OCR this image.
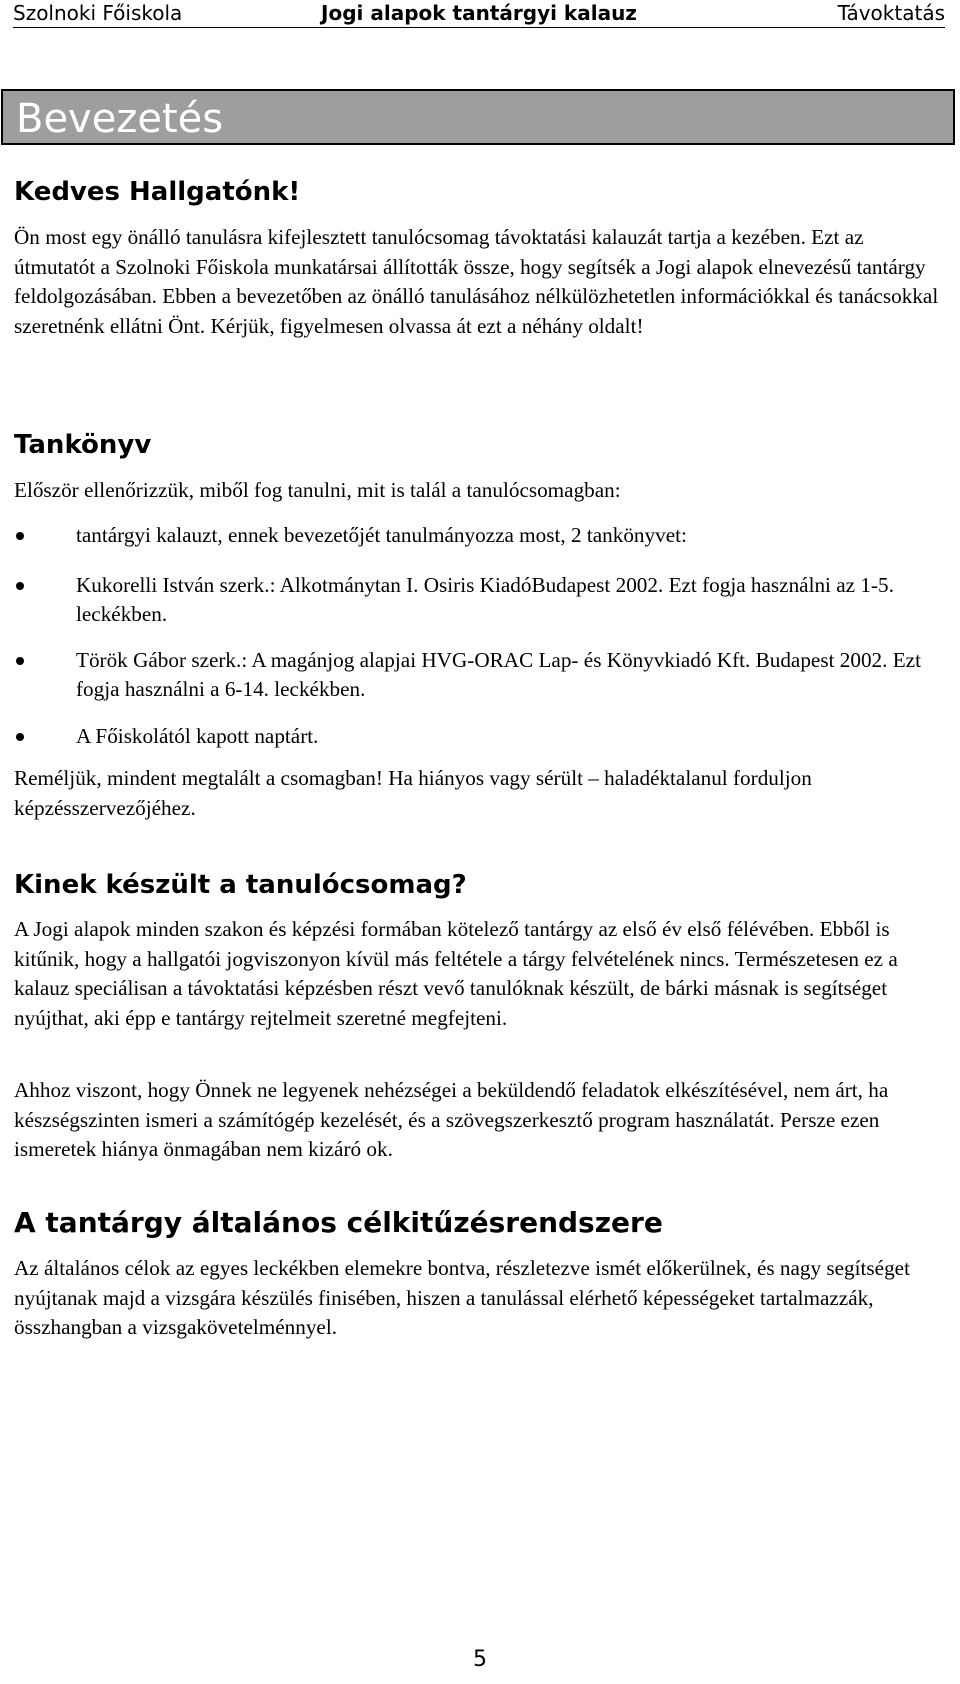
Szolnoki Főiskola	Jogi alapok tantárgyi kalauz	Távoktatás
Bevezetés
Kedves Hallgatónk!

Ön most egy önálló tanulásra kifejlesztett tanulócsomag távoktatási kalauzát tartja a kezében. Ezt az útmutatót a Szolnoki Főiskola munkatársai állították össze, hogy segítsék a Jogi alapok elnevezésű tantárgy feldolgozásában. Ebben a bevezetőben az önálló tanulásához nélkülözhetetlen információkkal és tanácsokkal szeretnénk ellátni Önt. Kérjük, figyelmesen olvassa át ezt a néhány oldalt!

Tankönyv

Először ellenőrizzük, miből fog tanulni, mit is talál a tanulócsomagban:

tantárgyi kalauzt, ennek bevezetőjét tanulmányozza most, 2 tankönyvet:
Kukorelli István szerk.: Alkotmánytan I. Osiris KiadóBudapest 2002. Ezt fogja használni az 1-5. leckékben.
Török Gábor szerk.: A magánjog alapjai HVG-ORAC Lap- és Könyvkiadó Kft. Budapest 2002. Ezt fogja használni a 6-14. leckékben.
A Főiskolától kapott naptárt.

Reméljük, mindent megtalált a csomagban! Ha hiányos vagy sérült – haladéktalanul forduljon képzésszervezőjéhez.

Kinek készült a tanulócsomag?

A Jogi alapok minden szakon és képzési formában kötelező tantárgy az első év első félévében. Ebből is kitűnik, hogy a hallgatói jogviszonyon kívül más feltétele a tárgy felvételének nincs. Természetesen ez a kalauz speciálisan a távoktatási képzésben részt vevő tanulóknak készült, de bárki másnak is segítséget nyújthat, aki épp e tantárgy rejtelmeit szeretné megfejteni.

Ahhoz viszont, hogy Önnek ne legyenek nehézségei a beküldendő feladatok elkészítésével, nem árt, ha készségszinten ismeri a számítógép kezelését, és a szövegszerkesztő program használatát. Persze ezen ismeretek hiánya önmagában nem kizáró ok.

A tantárgy általános célkitűzésrendszere

Az általános célok az egyes leckékben elemekre bontva, részletezve ismét előkerülnek, és nagy segítséget nyújtanak majd a vizsgára készülés finisében, hiszen a tanulással elérhető képességeket tartalmazzák, összhangban a vizsgakövetelménnyel.

5
